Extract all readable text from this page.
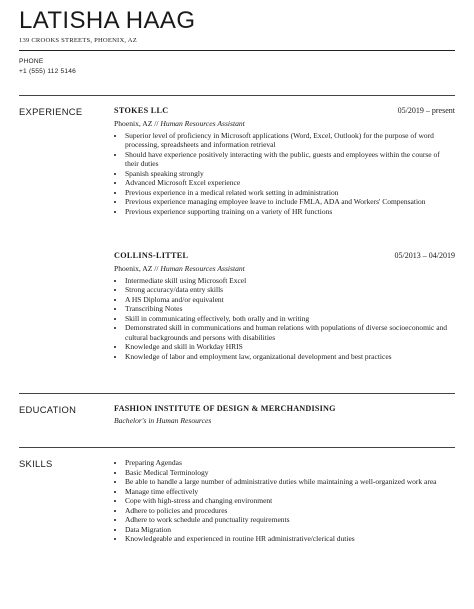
LATISHA HAAG
139 CROOKS STREETS, PHOENIX, AZ
PHONE
+1 (555) 112 5146
EXPERIENCE	STOKES LLC	05/2019 – present
Phoenix, AZ // Human Resources Assistant
• Superior level of proficiency in Microsoft applications (Word, Excel, Outlook) for the purpose of word processing, spreadsheets and information retrieval
• Should have experience positively interacting with the public, guests and employees within the course of their duties
• Spanish speaking strongly
• Advanced Microsoft Excel experience
• Previous experience in a medical related work setting in administration
• Previous experience managing employee leave to include FMLA, ADA and Workers' Compensation
• Previous experience supporting training on a variety of HR functions
COLLINS-LITTEL	05/2013 – 04/2019
Phoenix, AZ // Human Resources Assistant
• Intermediate skill using Microsoft Excel
• Strong accuracy/data entry skills
• A HS Diploma and/or equivalent
• Transcribing Notes
• Skill in communicating effectively, both orally and in writing
• Demonstrated skill in communications and human relations with populations of diverse socioeconomic and cultural backgrounds and persons with disabilities
• Knowledge and skill in Workday HRIS
• Knowledge of labor and employment law, organizational development and best practices
EDUCATION	FASHION INSTITUTE OF DESIGN & MERCHANDISING
Bachelor's in Human Resources
SKILLS
•	Preparing Agendas
• Basic Medical Terminology
• Be able to handle a large number of administrative duties while maintaining a well-organized work area
• Manage time effectively
• Cope with high-stress and changing environment
• Adhere to policies and procedures
• Adhere to work schedule and punctuality requirements
• Data Migration
• Knowledgeable and experienced in routine HR administrative/clerical duties
